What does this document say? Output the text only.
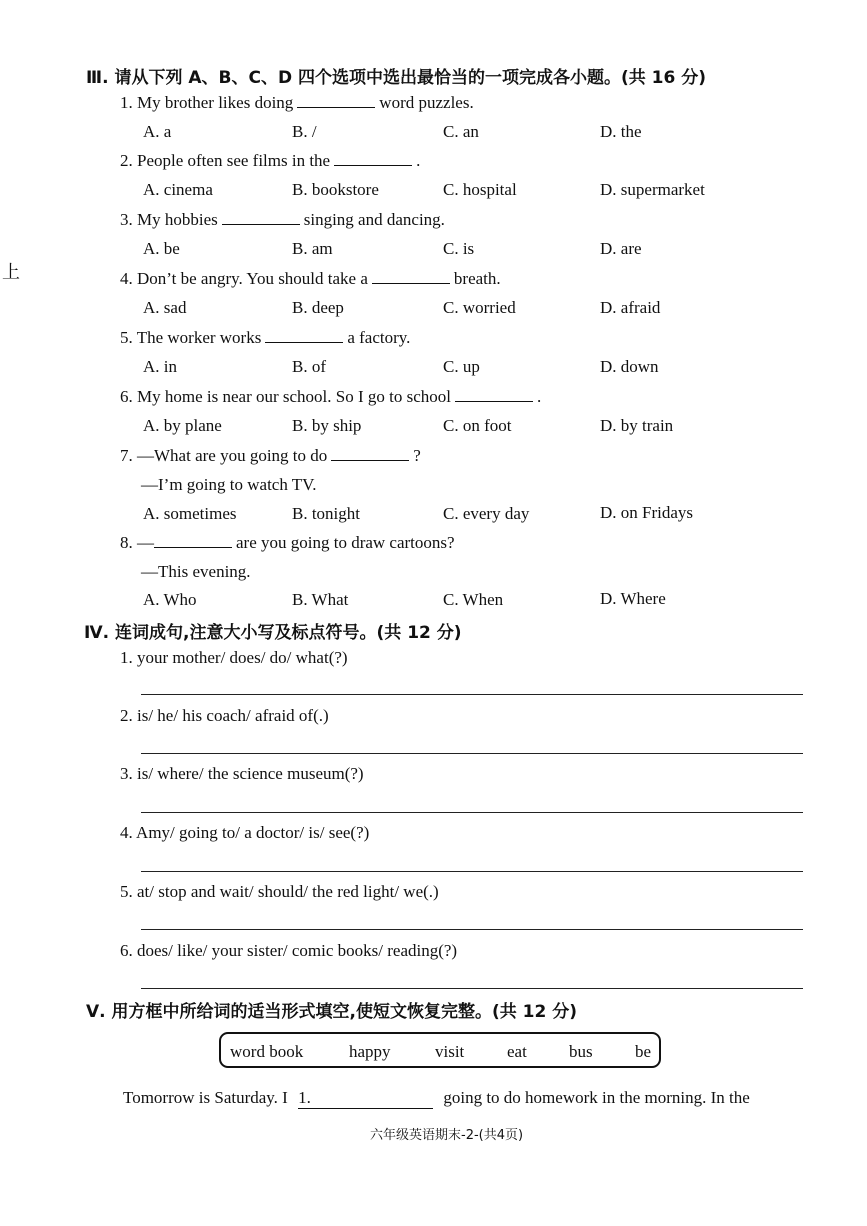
上
Ⅲ. 请从下列 A、B、C、D 四个选项中选出最恰当的一项完成各小题。(共 16 分)
1. My brother likes doing	word puzzles.
A. a	B. /	C. an	D. the
2. People often see films in the	.
A. cinema	B. bookstore	C. hospital	D. supermarket
3. My hobbies	singing and dancing.
A. be	B. am	C. is	D. are
4. Don’t be angry. You should take a	breath.
A. sad	B. deep	C. worried	D. afraid
5. The worker works	a factory.
A. in	B. of	C. up	D. down
6. My home is near our school. So I go to school	.
A. by plane	B. by ship	C. on foot	D. by train
7. —What are you going to do	?
—I’m going to watch TV.
A. sometimes	B. tonight	C. every day	D. on Fridays
8. —	are you going to draw cartoons?
—This evening.
A. Who	B. What	C. When	D. Where
Ⅳ. 连词成句,注意大小写及标点符号。(共 12 分)
1. your mother/ does/ do/ what(?)
2. is/ he/ his coach/ afraid of(.)
3. is/ where/ the science museum(?)
4. Amy/ going to/ a doctor/ is/ see(?)
5. at/ stop and wait/ should/ the red light/ we(.)
6. does/ like/ your sister/ comic books/ reading(?)
Ⅴ. 用方框中所给词的适当形式填空,使短文恢复完整。(共 12 分)
word book	happy	visit	eat bus be
Tomorrow is Saturday. I 1.	going to do homework in the morning. In the
六年级英语期末-2-(共4页)
